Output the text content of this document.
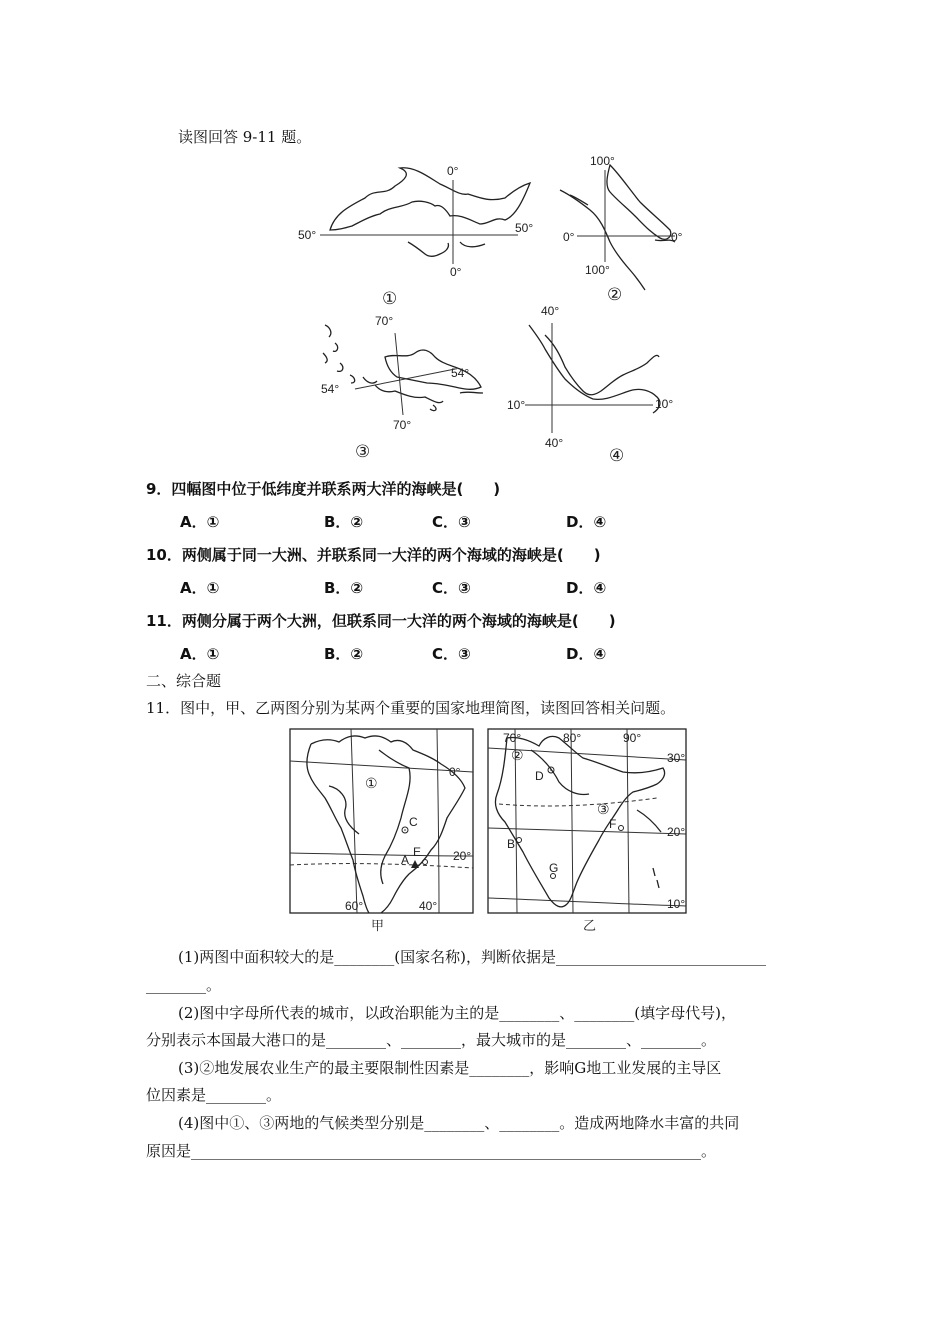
读图回答 9-11 题。
50°	50°
0°
0°
①
100°
0°	0°
100°
②
70°
54°
54°
70°
③
40°
10°	10°
40°
④
9．四幅图中位于低纬度并联系两大洋的海峡是(　　)
A．①	B．②	C．③	D．④
10．两侧属于同一大洲、并联系同一大洋的两个海域的海峡是(　　)
A．①	B．②	C．③	D．④
11．两侧分属于两个大洲，但联系同一大洋的两个海域的海峡是(　　)
A．①	B．②	C．③	D．④
二、综合题
11．图中，甲、乙两图分别为某两个重要的国家地理简图，读图回答相关问题。
①
0°
20°
60°	40°
C
A
E
甲
70°	80°	90°
30°
20°
10°
②
③
D
B
F
G
乙
(1)两图中面积较大的是________(国家名称)，判断依据是____________________________
________。
(2)图中字母所代表的城市，以政治职能为主的是________、________(填字母代号)，
分别表示本国最大港口的是________、________，最大城市的是________、________。
(3)②地发展农业生产的最主要限制性因素是________，影响G地工业发展的主导区
位因素是________。
(4)图中①、③两地的气候类型分别是________、________。造成两地降水丰富的共同
原因是____________________________________________________________________。
